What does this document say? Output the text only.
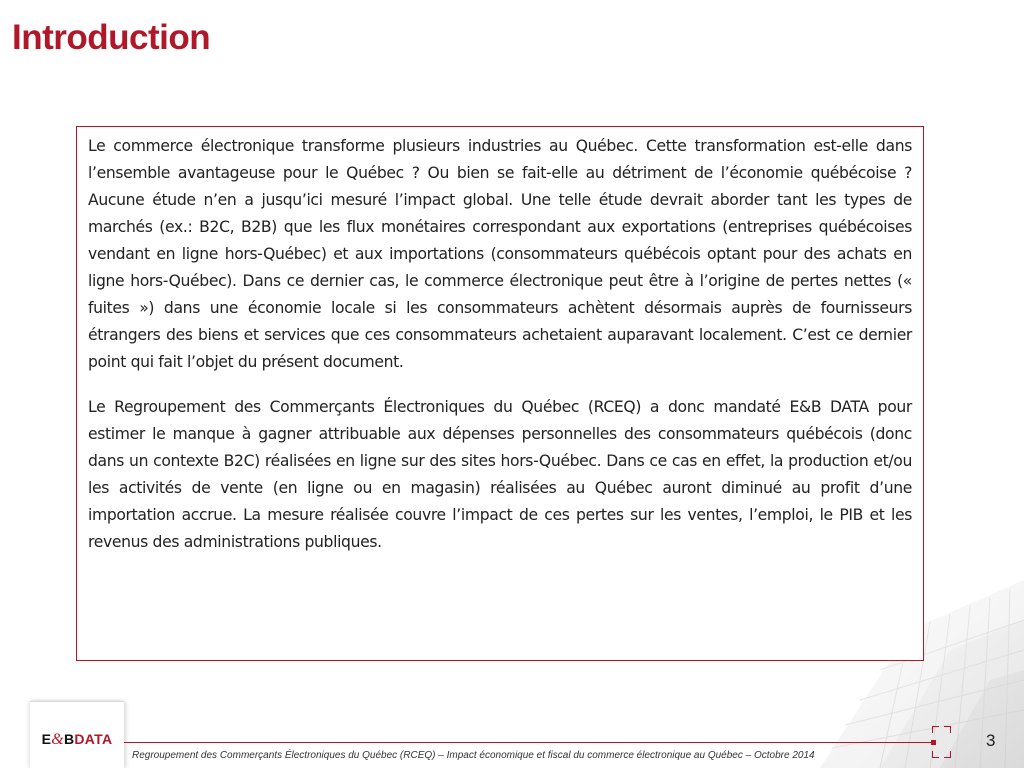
Introduction

Le commerce électronique transforme plusieurs industries au Québec. Cette transformation est-elle dans l’ensemble avantageuse pour le Québec ? Ou bien se fait-elle au détriment de l’économie québécoise ? Aucune étude n’en a jusqu’ici mesuré l’impact global. Une telle étude devrait aborder tant les types de marchés (ex.: B2C, B2B) que les flux monétaires correspondant aux exportations (entreprises québécoises vendant en ligne hors-Québec) et aux importations (consommateurs québécois optant pour des achats en ligne hors-Québec). Dans ce dernier cas, le commerce électronique peut être à l’origine de pertes nettes (« fuites ») dans une économie locale si les consommateurs achètent désormais auprès de fournisseurs étrangers des biens et services que ces consommateurs achetaient auparavant localement. C’est ce dernier point qui fait l’objet du présent document.

Le Regroupement des Commerçants Électroniques du Québec (RCEQ) a donc mandaté E&B DATA pour estimer le manque à gagner attribuable aux dépenses personnelles des consommateurs québécois (donc dans un contexte B2C) réalisées en ligne sur des sites hors-Québec. Dans ce cas en effet, la production et/ou les activités de vente (en ligne ou en magasin) réalisées au Québec auront diminué au profit d’une importation accrue. La mesure réalisée couvre l’impact de ces pertes sur les ventes, l’emploi, le PIB et les revenus des administrations publiques.

E&BDATA
Regroupement des Commerçants Électroniques du Québec (RCEQ) – Impact économique et fiscal du commerce électronique au Québec – Octobre 2014
3
